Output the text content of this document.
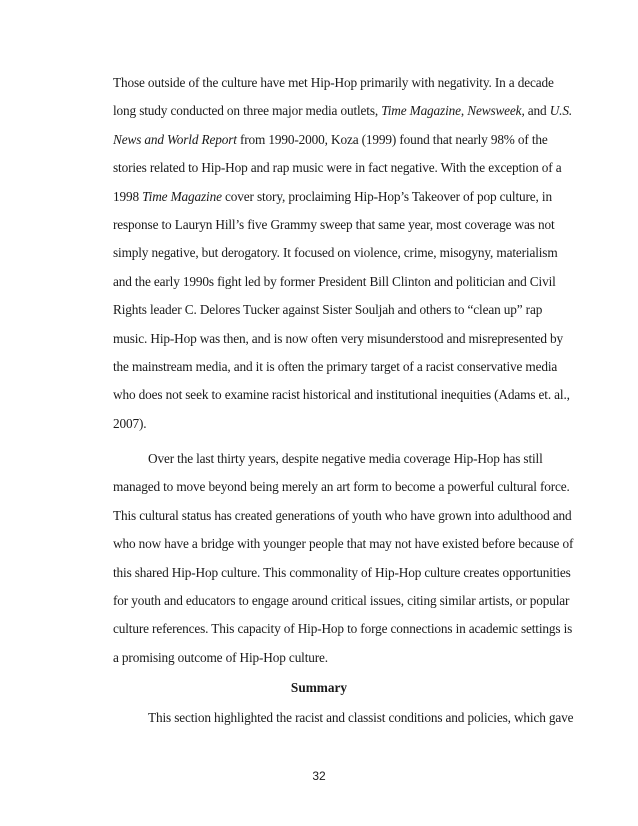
Those outside of the culture have met Hip-Hop primarily with negativity. In a decade
long study conducted on three major media outlets, Time Magazine, Newsweek, and U.S.
News and World Report from 1990-2000, Koza (1999) found that nearly 98% of the
stories related to Hip-Hop and rap music were in fact negative. With the exception of a
1998 Time Magazine cover story, proclaiming Hip-Hop’s Takeover of pop culture, in
response to Lauryn Hill’s five Grammy sweep that same year, most coverage was not
simply negative, but derogatory. It focused on violence, crime, misogyny, materialism
and the early 1990s fight led by former President Bill Clinton and politician and Civil
Rights leader C. Delores Tucker against Sister Souljah and others to “clean up” rap
music. Hip-Hop was then, and is now often very misunderstood and misrepresented by
the mainstream media, and it is often the primary target of a racist conservative media
who does not seek to examine racist historical and institutional inequities (Adams et. al.,
2007).
Over the last thirty years, despite negative media coverage Hip-Hop has still
managed to move beyond being merely an art form to become a powerful cultural force.
This cultural status has created generations of youth who have grown into adulthood and
who now have a bridge with younger people that may not have existed before because of
this shared Hip-Hop culture. This commonality of Hip-Hop culture creates opportunities
for youth and educators to engage around critical issues, citing similar artists, or popular
culture references. This capacity of Hip-Hop to forge connections in academic settings is
a promising outcome of Hip-Hop culture.
Summary
This section highlighted the racist and classist conditions and policies, which gave
32
